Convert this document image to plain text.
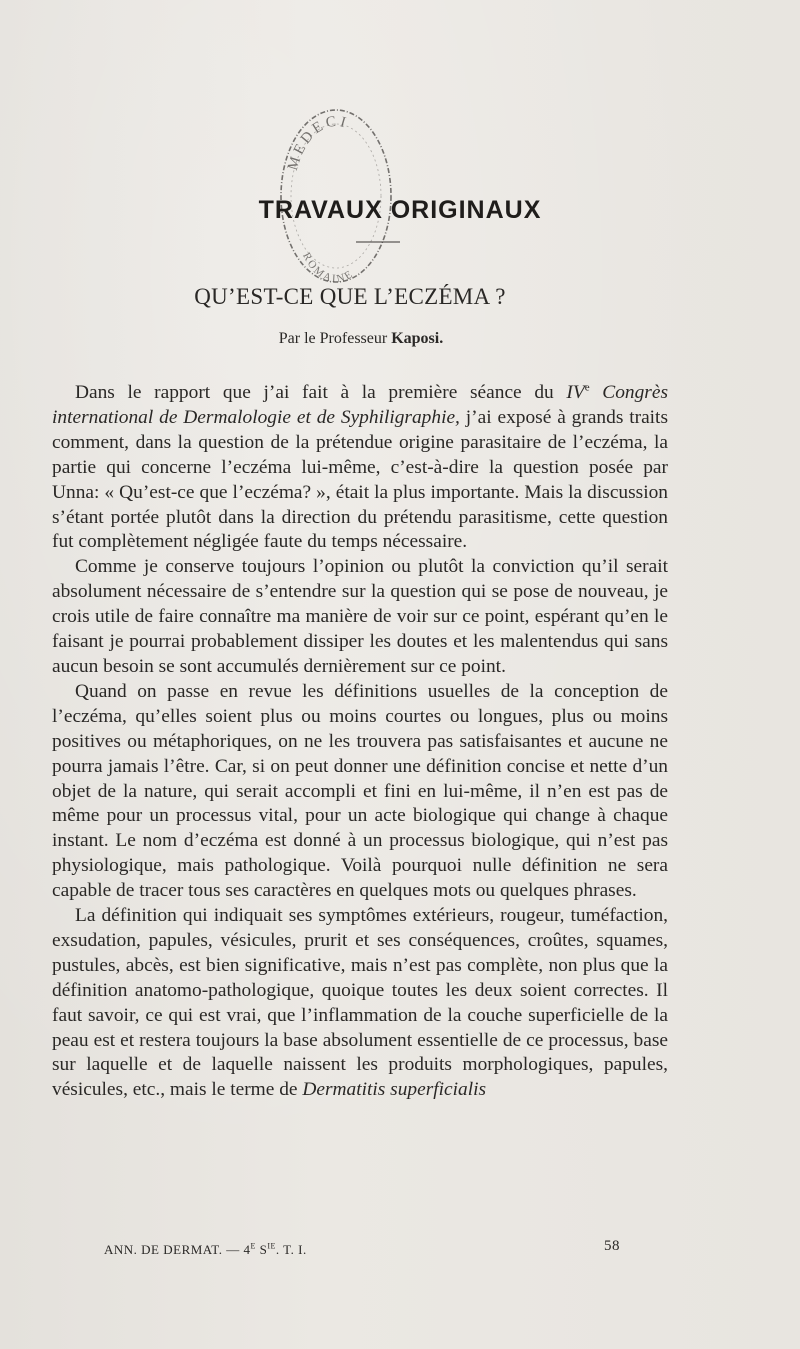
MEDECI
ROMAINE
TRAVAUX ORIGINAUX
QU’EST-CE QUE L’ECZÉMA ?
Par le Professeur Kaposi.

Dans le rapport que j’ai fait à la première séance du IVe Congrès international de Dermalologie et de Syphiligraphie, j’ai exposé à grands traits comment, dans la question de la prétendue origine parasitaire de l’eczéma, la partie qui concerne l’eczéma lui-même, c’est-à-dire la question posée par Unna: « Qu’est-ce que l’eczéma? », était la plus importante. Mais la discussion s’étant portée plutôt dans la direction du prétendu parasitisme, cette question fut complètement négligée faute du temps nécessaire.

Comme je conserve toujours l’opinion ou plutôt la conviction qu’il serait absolument nécessaire de s’entendre sur la question qui se pose de nouveau, je crois utile de faire connaître ma manière de voir sur ce point, espérant qu’en le faisant je pourrai probablement dissiper les doutes et les malentendus qui sans aucun besoin se sont accumulés dernièrement sur ce point.

Quand on passe en revue les définitions usuelles de la conception de l’eczéma, qu’elles soient plus ou moins courtes ou longues, plus ou moins positives ou métaphoriques, on ne les trouvera pas satisfaisantes et aucune ne pourra jamais l’être. Car, si on peut donner une définition concise et nette d’un objet de la nature, qui serait accompli et fini en lui-même, il n’en est pas de même pour un processus vital, pour un acte biologique qui change à chaque instant. Le nom d’eczéma est donné à un processus biologique, qui n’est pas physiologique, mais pathologique. Voilà pourquoi nulle définition ne sera capable de tracer tous ses caractères en quelques mots ou quelques phrases.

La définition qui indiquait ses symptômes extérieurs, rougeur, tuméfaction, exsudation, papules, vésicules, prurit et ses conséquences, croûtes, squames, pustules, abcès, est bien significative, mais n’est pas complète, non plus que la définition anatomo-pathologique, quoique toutes les deux soient correctes. Il faut savoir, ce qui est vrai, que l’inflammation de la couche superficielle de la peau est et restera toujours la base absolument essentielle de ce processus, base sur laquelle et de laquelle naissent les produits morphologiques, papules, vésicules, etc., mais le terme de Dermatitis superficialis

ANN. DE DERMAT. — 4e $S^{ie}$. T. I.	58
